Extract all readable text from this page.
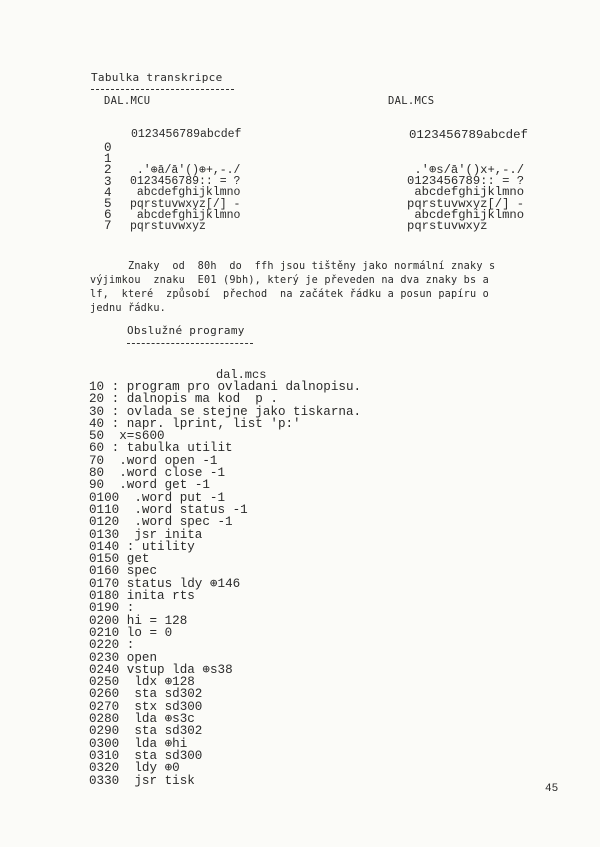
Tabulka transkripce
DAL.MCU	DAL.MCS
0123456789abcdef	0123456789abcdef
0
1
2
3
4
5
6
7
.'⊕ā/ā'()⊕+,-./
0123456789:: = ?
abcdefghijklmno
pqrstuvwxyz[/] -
abcdefghijklmno
pqrstuvwxyz
.'⊕s/ā'()x+,-./
0123456789:: = ?
abcdefghijklmno
pqrstuvwxyz[/] -
abcdefghijklmno
pqrstuvwxyz
Znaky  od  80h  do  ffh jsou tištěny jako normální znaky s
výjimkou  znaku  E01 (9bh), který je převeden na dva znaky bs a
lf,  které  způsobí  přechod  na začátek řádku a posun papíru o
jednu řádku.
Obslužné programy
dal.mcs
10 : program pro ovladani dalnopisu.
20 : dalnopis ma kod  p .
30 : ovlada se stejne jako tiskarna.
40 : napr. lprint, list 'p:'
50  x=s600
60 : tabulka utilit
70  .word open -1
80  .word close -1
90  .word get -1
0100  .word put -1
0110  .word status -1
0120  .word spec -1
0130  jsr inita
0140 : utility
0150 get
0160 spec
0170 status ldy ⊕146
0180 inita rts
0190 :
0200 hi = 128
0210 lo = 0
0220 :
0230 open
0240 vstup lda ⊕s38
0250  ldx ⊕128
0260  sta sd302
0270  stx sd300
0280  lda ⊕s3c
0290  sta sd302
0300  lda ⊕hi
0310  sta sd300
0320  ldy ⊕0
0330  jsr tisk
45
